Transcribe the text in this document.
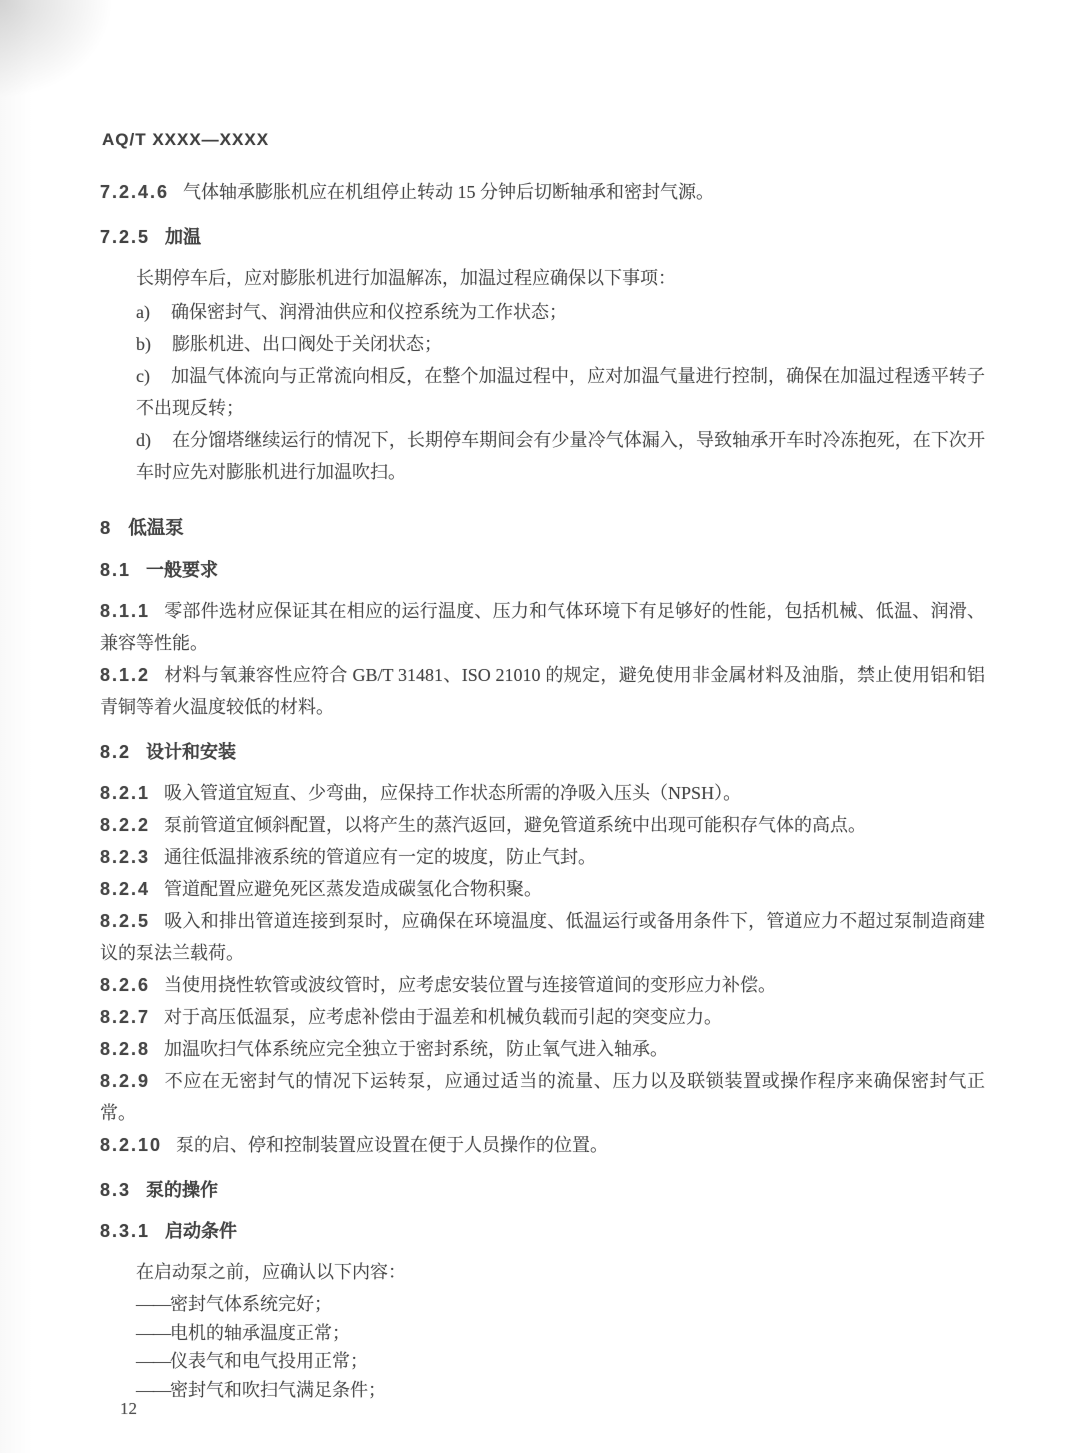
AQ/T XXXX—XXXX

7.2.4.6 气体轴承膨胀机应在机组停止转动 15 分钟后切断轴承和密封气源。

7.2.5 加温

长期停车后，应对膨胀机进行加温解冻，加温过程应确保以下事项：

a) 确保密封气、润滑油供应和仪控系统为工作状态；

b) 膨胀机进、出口阀处于关闭状态；

c) 加温气体流向与正常流向相反，在整个加温过程中，应对加温气量进行控制，确保在加温过程透平转子不出现反转；

d) 在分馏塔继续运行的情况下，长期停车期间会有少量冷气体漏入，导致轴承开车时冷冻抱死，在下次开车时应先对膨胀机进行加温吹扫。

8 低温泵
8.1 一般要求

8.1.1 零部件选材应保证其在相应的运行温度、压力和气体环境下有足够好的性能，包括机械、低温、润滑、兼容等性能。

8.1.2 材料与氧兼容性应符合 GB/T 31481、ISO 21010 的规定，避免使用非金属材料及油脂，禁止使用铝和铝青铜等着火温度较低的材料。

8.2 设计和安装

8.2.1 吸入管道宜短直、少弯曲，应保持工作状态所需的净吸入压头（NPSH）。

8.2.2 泵前管道宜倾斜配置，以将产生的蒸汽返回，避免管道系统中出现可能积存气体的高点。

8.2.3 通往低温排液系统的管道应有一定的坡度，防止气封。

8.2.4 管道配置应避免死区蒸发造成碳氢化合物积聚。

8.2.5 吸入和排出管道连接到泵时，应确保在环境温度、低温运行或备用条件下，管道应力不超过泵制造商建议的泵法兰载荷。

8.2.6 当使用挠性软管或波纹管时，应考虑安装位置与连接管道间的变形应力补偿。

8.2.7 对于高压低温泵，应考虑补偿由于温差和机械负载而引起的突变应力。

8.2.8 加温吹扫气体系统应完全独立于密封系统，防止氧气进入轴承。

8.2.9 不应在无密封气的情况下运转泵，应通过适当的流量、压力以及联锁装置或操作程序来确保密封气正常。

8.2.10 泵的启、停和控制装置应设置在便于人员操作的位置。

8.3 泵的操作
8.3.1 启动条件

在启动泵之前，应确认以下内容：

——密封气体系统完好；

——电机的轴承温度正常；

——仪表气和电气投用正常；

——密封气和吹扫气满足条件；

12
